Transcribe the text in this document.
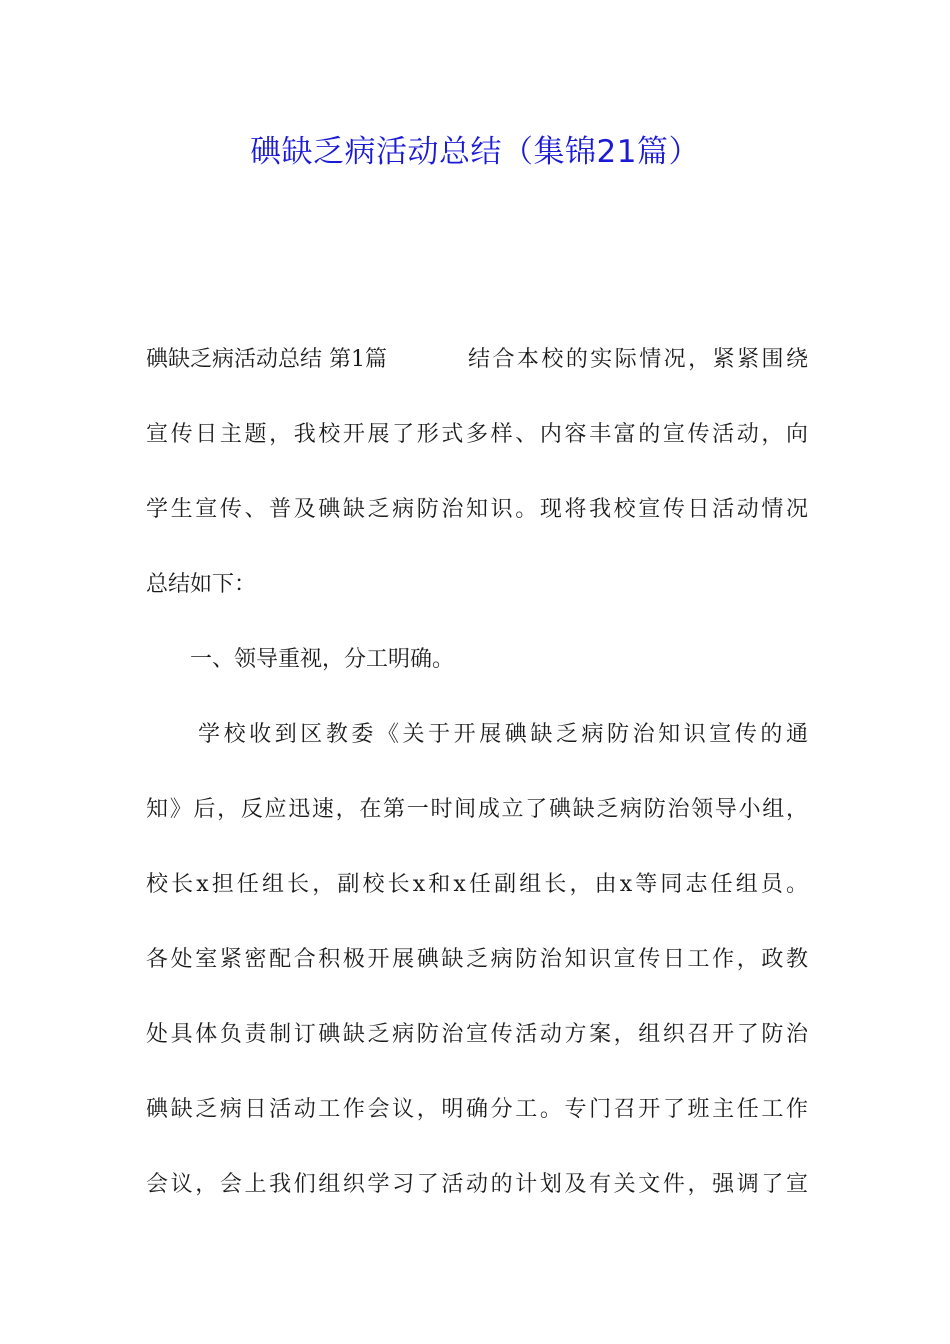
碘缺乏病活动总结（集锦21篇）
碘缺乏病活动总结 第1篇	结合本校的实际情况，紧紧围绕
宣传日主题，我校开展了形式多样、内容丰富的宣传活动，向
学生宣传、普及碘缺乏病防治知识。现将我校宣传日活动情况
总结如下：
一、领导重视，分工明确。
学校收到区教委《关于开展碘缺乏病防治知识宣传的通
知》后，反应迅速，在第一时间成立了碘缺乏病防治领导小组，
校长x担任组长，副校长x和x任副组长，由x等同志任组员。
各处室紧密配合积极开展碘缺乏病防治知识宣传日工作，政教
处具体负责制订碘缺乏病防治宣传活动方案，组织召开了防治
碘缺乏病日活动工作会议，明确分工。专门召开了班主任工作
会议，会上我们组织学习了活动的计划及有关文件，强调了宣
